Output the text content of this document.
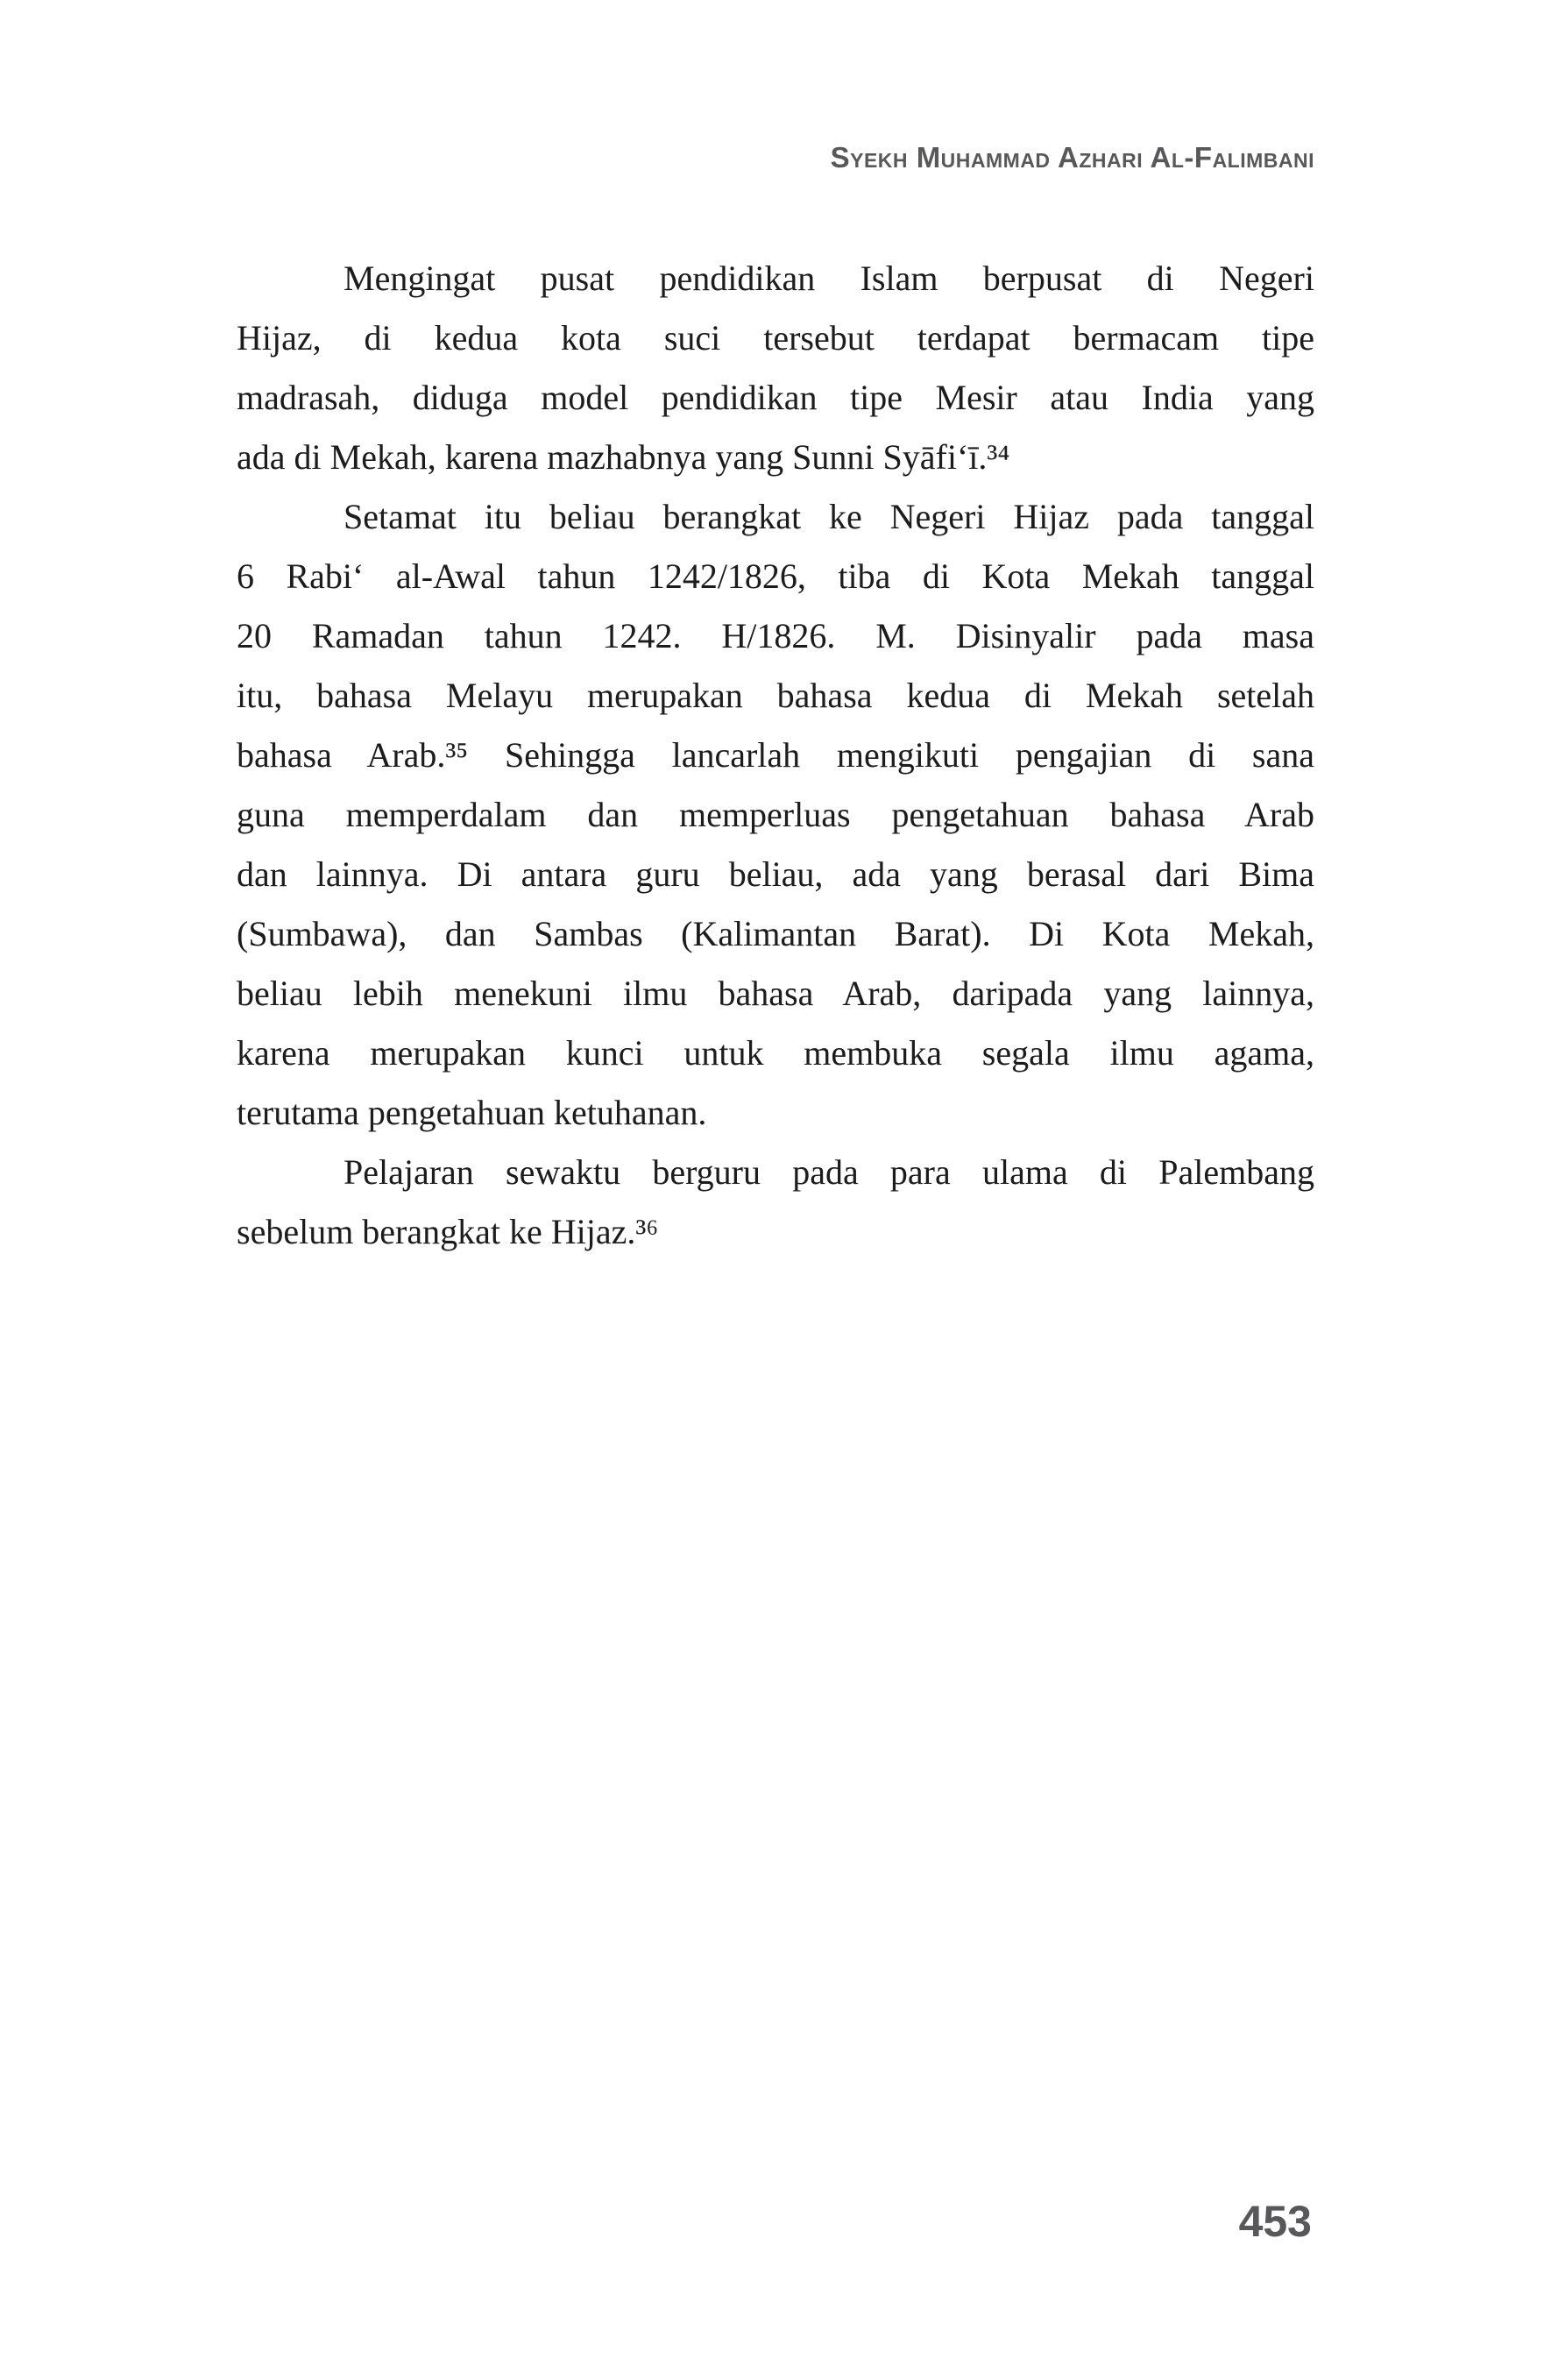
Syekh Muhammad Azhari Al-Falimbani
Mengingat pusat pendidikan Islam berpusat di Negeri
Hijaz, di kedua kota suci tersebut terdapat bermacam tipe
madrasah, diduga model pendidikan tipe Mesir atau India yang
ada di Mekah, karena mazhabnya yang Sunni Syāfi‘ī.³⁴
Setamat itu beliau berangkat ke Negeri Hijaz pada tanggal
6 Rabi‘ al-Awal tahun 1242/1826, tiba di Kota Mekah tanggal
20 Ramadan tahun 1242. H/1826. M. Disinyalir pada masa
itu, bahasa Melayu merupakan bahasa kedua di Mekah setelah
bahasa Arab.³⁵ Sehingga lancarlah mengikuti pengajian di sana
guna memperdalam dan memperluas pengetahuan bahasa Arab
dan lainnya. Di antara guru beliau, ada yang berasal dari Bima
(Sumbawa), dan Sambas (Kalimantan Barat). Di Kota Mekah,
beliau lebih menekuni ilmu bahasa Arab, daripada yang lainnya,
karena merupakan kunci untuk membuka segala ilmu agama,
terutama pengetahuan ketuhanan.
Pelajaran sewaktu berguru pada para ulama di Palembang
sebelum berangkat ke Hijaz.³⁶
453
